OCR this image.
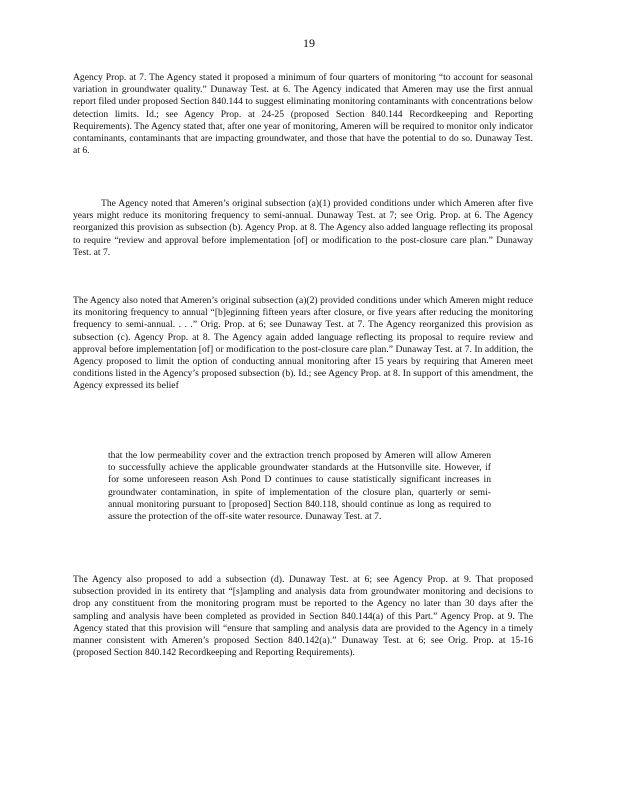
19
Agency Prop. at 7. The Agency stated it proposed a minimum of four quarters of monitoring “to account for seasonal variation in groundwater quality.” Dunaway Test. at 6. The Agency indicated that Ameren may use the first annual report filed under proposed Section 840.144 to suggest eliminating monitoring contaminants with concentrations below detection limits. Id.; see Agency Prop. at 24-25 (proposed Section 840.144 Recordkeeping and Reporting Requirements). The Agency stated that, after one year of monitoring, Ameren will be required to monitor only indicator contaminants, contaminants that are impacting groundwater, and those that have the potential to do so. Dunaway Test. at 6.
The Agency noted that Ameren’s original subsection (a)(1) provided conditions under which Ameren after five years might reduce its monitoring frequency to semi-annual. Dunaway Test. at 7; see Orig. Prop. at 6. The Agency reorganized this provision as subsection (b). Agency Prop. at 8. The Agency also added language reflecting its proposal to require “review and approval before implementation [of] or modification to the post-closure care plan.” Dunaway Test. at 7.
The Agency also noted that Ameren’s original subsection (a)(2) provided conditions under which Ameren might reduce its monitoring frequency to annual “[b]eginning fifteen years after closure, or five years after reducing the monitoring frequency to semi-annual. . . .” Orig. Prop. at 6; see Dunaway Test. at 7. The Agency reorganized this provision as subsection (c). Agency Prop. at 8. The Agency again added language reflecting its proposal to require review and approval before implementation [of] or modification to the post-closure care plan.” Dunaway Test. at 7. In addition, the Agency proposed to limit the option of conducting annual monitoring after 15 years by requiring that Ameren meet conditions listed in the Agency’s proposed subsection (b). Id.; see Agency Prop. at 8. In support of this amendment, the Agency expressed its belief
that the low permeability cover and the extraction trench proposed by Ameren will allow Ameren to successfully achieve the applicable groundwater standards at the Hutsonville site. However, if for some unforeseen reason Ash Pond D continues to cause statistically significant increases in groundwater contamination, in spite of implementation of the closure plan, quarterly or semi-annual monitoring pursuant to [proposed] Section 840.118, should continue as long as required to assure the protection of the off-site water resource. Dunaway Test. at 7.
The Agency also proposed to add a subsection (d). Dunaway Test. at 6; see Agency Prop. at 9. That proposed subsection provided in its entirety that “[s]ampling and analysis data from groundwater monitoring and decisions to drop any constituent from the monitoring program must be reported to the Agency no later than 30 days after the sampling and analysis have been completed as provided in Section 840.144(a) of this Part.” Agency Prop. at 9. The Agency stated that this provision will “ensure that sampling and analysis data are provided to the Agency in a timely manner consistent with Ameren’s proposed Section 840.142(a).” Dunaway Test. at 6; see Orig. Prop. at 15-16 (proposed Section 840.142 Recordkeeping and Reporting Requirements).
